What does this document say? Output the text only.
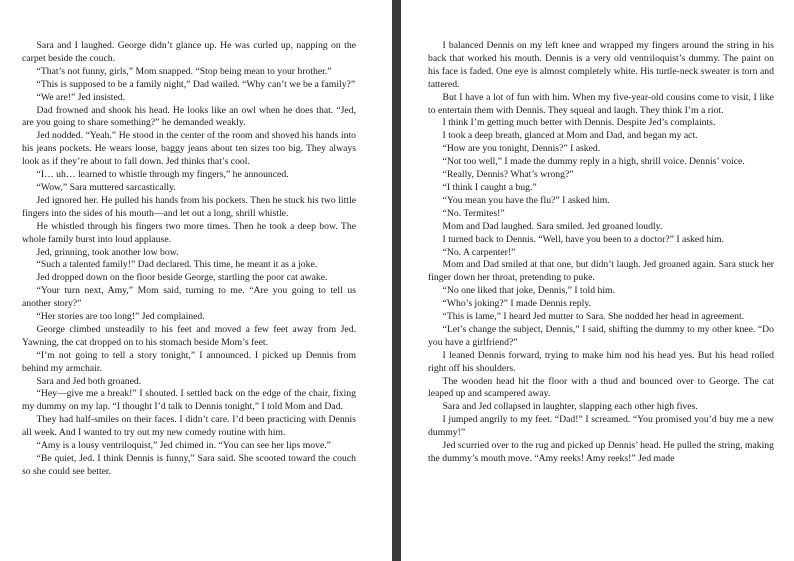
Sara and I laughed. George didn’t glance up. He was curled up, napping on the carpet beside the couch.

“That’s not funny, girls,” Mom snapped. “Stop being mean to your brother.”

“This is supposed to be a family night,” Dad wailed. “Why can’t we be a family?”

“We are!” Jed insisted.

Dad frowned and shook his head. He looks like an owl when he does that. “Jed, are you going to share something?” he demanded weakly.

Jed nodded. “Yeah.” He stood in the center of the room and shoved his hands into his jeans pockets. He wears loose, baggy jeans about ten sizes too big. They always look as if they’re about to fall down. Jed thinks that’s cool.

“I… uh… learned to whistle through my fingers,” he announced.

“Wow,” Sara muttered sarcastically.

Jed ignored her. He pulled his hands from his pockets. Then he stuck his two little fingers into the sides of his mouth—and let out a long, shrill whistle.

He whistled through his fingers two more times. Then he took a deep bow. The whole family burst into loud applause.

Jed, grinning, took another low bow.

“Such a talented family!” Dad declared. This time, he meant it as a joke.

Jed dropped down on the floor beside George, startling the poor cat awake.

“Your turn next, Amy,” Mom said, turning to me. “Are you going to tell us another story?”

“Her stories are too long!” Jed complained.

George climbed unsteadily to his feet and moved a few feet away from Jed. Yawning, the cat dropped on to his stomach beside Mom’s feet.

“I’m not going to tell a story tonight,” I announced. I picked up Dennis from behind my armchair.

Sara and Jed both groaned.

“Hey—give me a break!” I shouted. I settled back on the edge of the chair, fixing my dummy on my lap. “I thought I’d talk to Dennis tonight,” I told Mom and Dad.

They had half-smiles on their faces. I didn’t care. I’d been practicing with Dennis all week. And I wanted to try out my new comedy routine with him.

“Amy is a lousy ventriloquist,” Jed chimed in. “You can see her lips move.”

“Be quiet, Jed. I think Dennis is funny,” Sara said. She scooted toward the couch so she could see better.

I balanced Dennis on my left knee and wrapped my fingers around the string in his back that worked his mouth. Dennis is a very old ventriloquist’s dummy. The paint on his face is faded. One eye is almost completely white. His turtle-neck sweater is torn and tattered.

But I have a lot of fun with him. When my five-year-old cousins come to visit, I like to entertain them with Dennis. They squeal and laugh. They think I’m a riot.

I think I’m getting much better with Dennis. Despite Jed’s complaints.

I took a deep breath, glanced at Mom and Dad, and began my act.

“How are you tonight, Dennis?” I asked.

“Not too well,” I made the dummy reply in a high, shrill voice. Dennis’ voice.

“Really, Dennis? What’s wrong?”

“I think I caught a bug.”

“You mean you have the flu?” I asked him.

“No. Termites!”

Mom and Dad laughed. Sara smiled. Jed groaned loudly.

I turned back to Dennis. “Well, have you been to a doctor?” I asked him.

“No. A carpenter!”

Mom and Dad smiled at that one, but didn’t laugh. Jed groaned again. Sara stuck her finger down her throat, pretending to puke.

“No one liked that joke, Dennis,” I told him.

“Who’s joking?” I made Dennis reply.

“This is lame,” I heard Jed mutter to Sara. She nodded her head in agreement.

“Let’s change the subject, Dennis,” I said, shifting the dummy to my other knee. “Do you have a girlfriend?”

I leaned Dennis forward, trying to make him nod his head yes. But his head rolled right off his shoulders.

The wooden head hit the floor with a thud and bounced over to George. The cat leaped up and scampered away.

Sara and Jed collapsed in laughter, slapping each other high fives.

I jumped angrily to my feet. “Dad!” I screamed. “You promised you’d buy me a new dummy!”

Jed scurried over to the rug and picked up Dennis’ head. He pulled the string, making the dummy’s mouth move. “Amy reeks! Amy reeks!” Jed made
